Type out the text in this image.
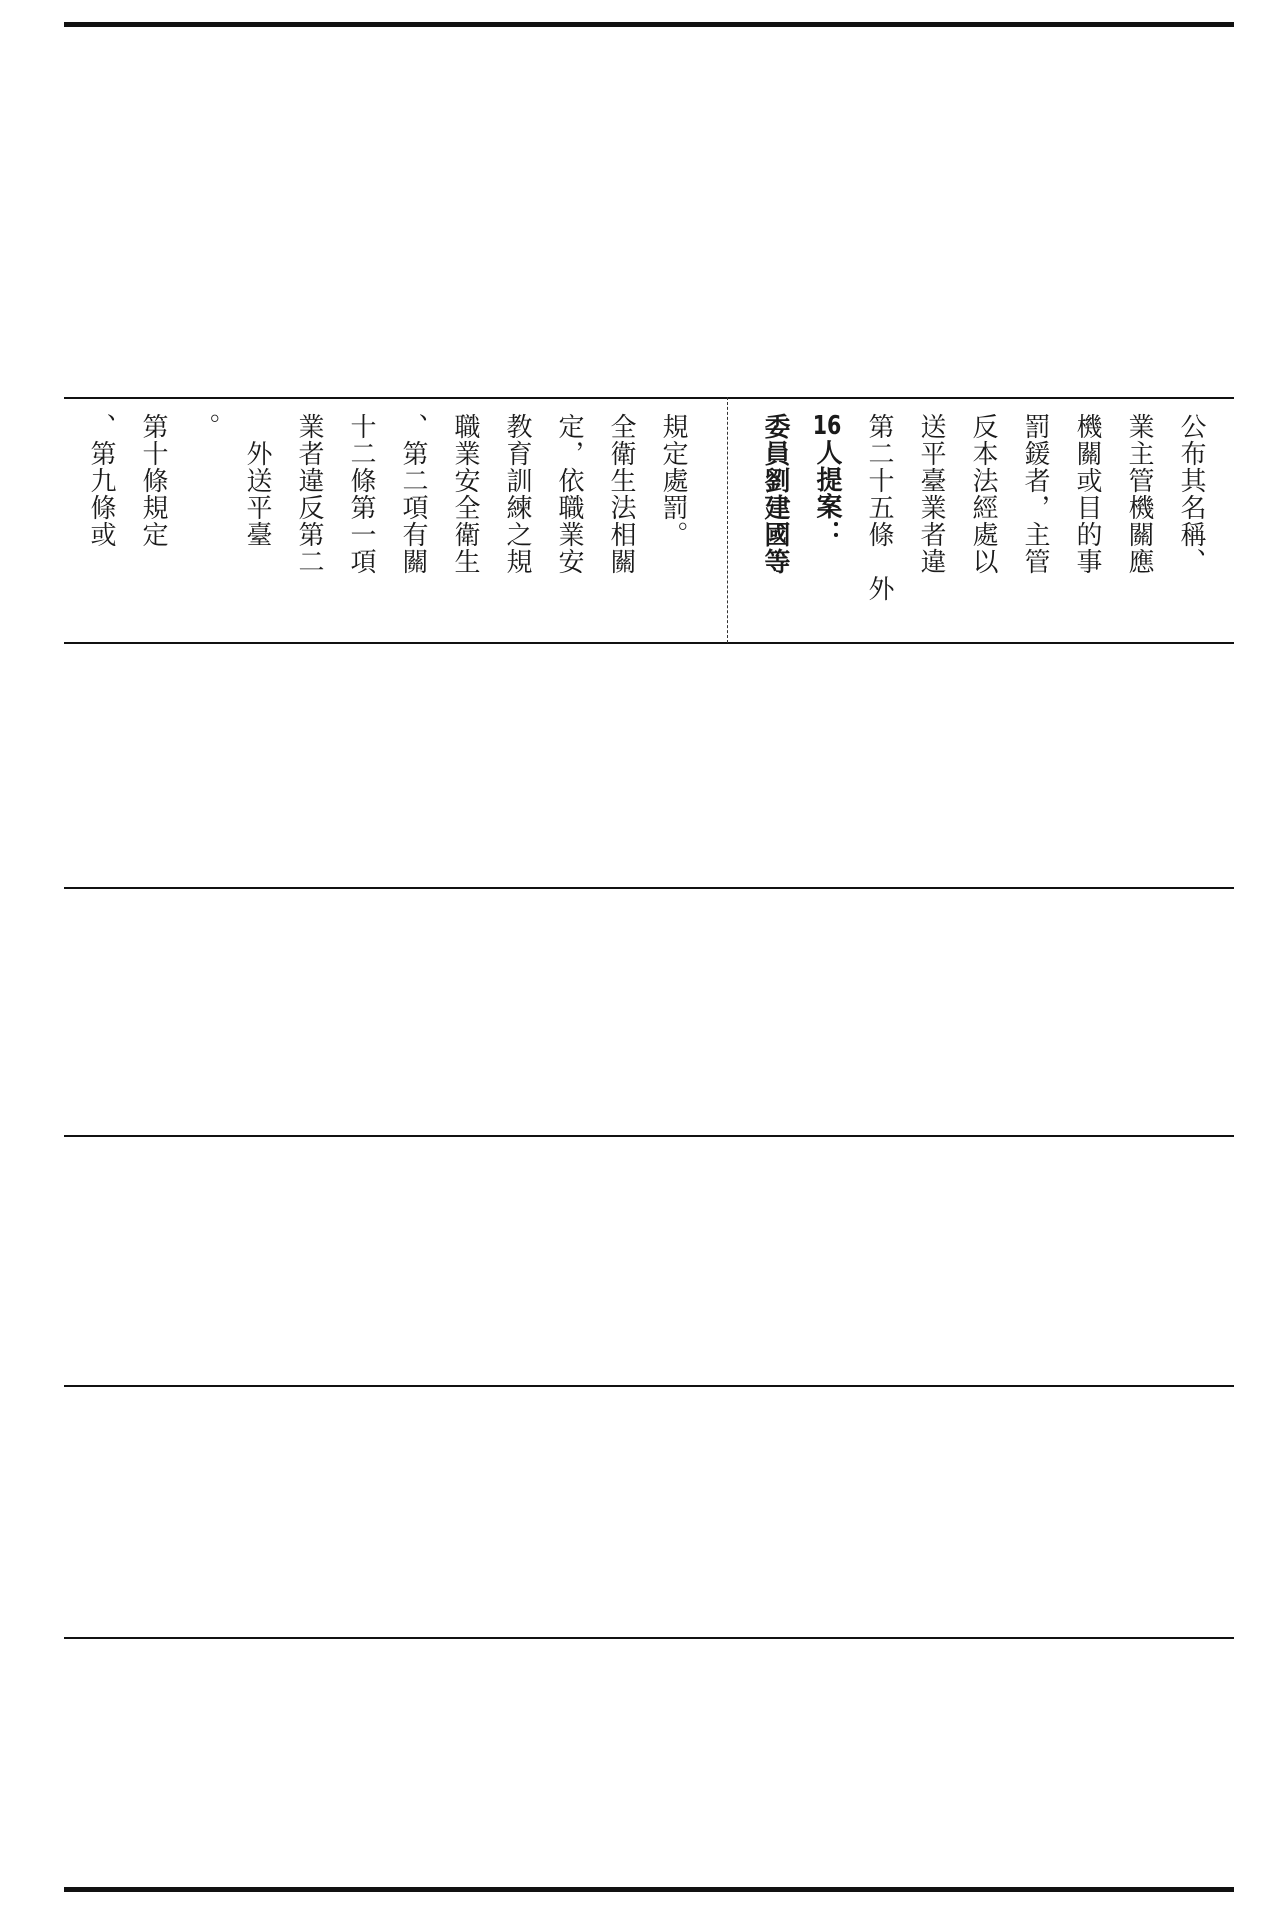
、第九條或 第十條規定 。 　外送平臺 業者違反第二 十二條第一項 、第二項有關 職業安全衛生 教育訓練之規 定，依職業安 全衛生法相關 規定處罰。	委員劉建國等 16人提案： 第二十五條　外 送平臺業者違 反本法經處以 罰鍰者，主管 機關或目的事 業主管機關應 公布其名稱、
